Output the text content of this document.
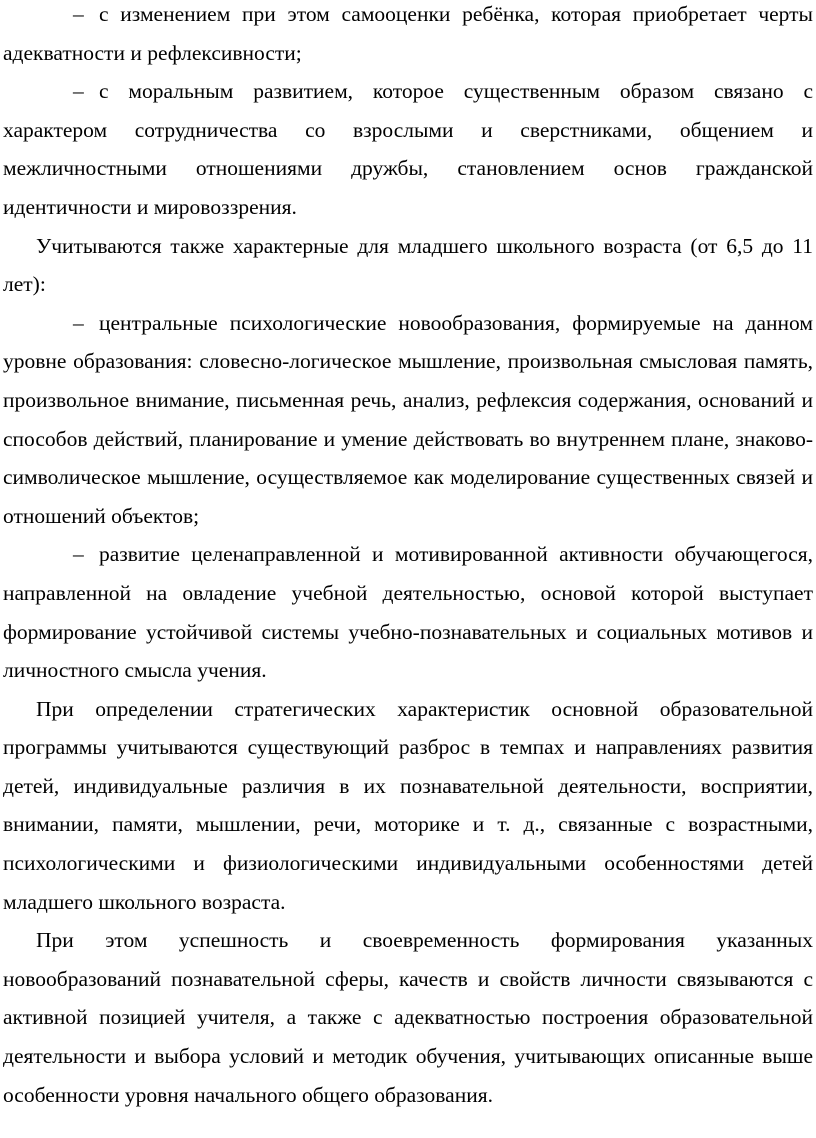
– с изменением при этом самооценки ребёнка, которая приобретает черты адекватности и рефлексивности;

– с моральным развитием, которое существенным образом связано с характером сотрудничества со взрослыми и сверстниками, общением и межличностными отношениями дружбы, становлением основ гражданской идентичности и мировоззрения.

Учитываются также характерные для младшего школьного возраста (от 6,5 до 11 лет):

– центральные психологические новообразования, формируемые на данном уровне образования: словесно-логическое мышление, произвольная смысловая память, произвольное внимание, письменная речь, анализ, рефлексия содержания, оснований и способов действий, планирование и умение действовать во внутреннем плане, знаково-символическое мышление, осуществляемое как моделирование существенных связей и отношений объектов;

– развитие целенаправленной и мотивированной активности обучающегося, направленной на овладение учебной деятельностью, основой которой выступает формирование устойчивой системы учебно-познавательных и социальных мотивов и личностного смысла учения.

При определении стратегических характеристик основной образовательной программы учитываются существующий разброс в темпах и направлениях развития детей, индивидуальные различия в их познавательной деятельности, восприятии, внимании, памяти, мышлении, речи, моторике и т. д., связанные с возрастными, психологическими и физиологическими индивидуальными особенностями детей младшего школьного возраста.

При этом успешность и своевременность формирования указанных новообразований познавательной сферы, качеств и свойств личности связываются с активной позицией учителя, а также с адекватностью построения образовательной деятельности и выбора условий и методик обучения, учитывающих описанные выше особенности уровня начального общего образования.
